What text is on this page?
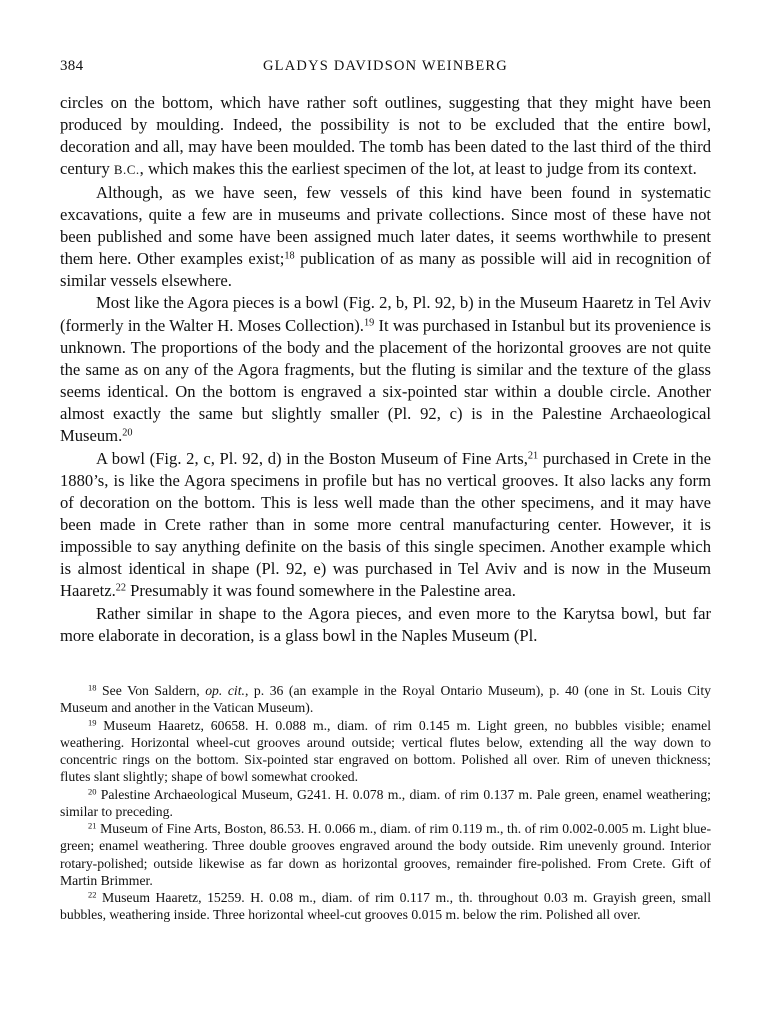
384	GLADYS DAVIDSON WEINBERG

circles on the bottom, which have rather soft outlines, suggesting that they might have been produced by moulding. Indeed, the possibility is not to be excluded that the entire bowl, decoration and all, may have been moulded. The tomb has been dated to the last third of the third century B.C., which makes this the earliest specimen of the lot, at least to judge from its context.

Although, as we have seen, few vessels of this kind have been found in systematic excavations, quite a few are in museums and private collections. Since most of these have not been published and some have been assigned much later dates, it seems worthwhile to present them here. Other examples exist;$^{18}$ publication of as many as possible will aid in recognition of similar vessels elsewhere.

Most like the Agora pieces is a bowl (Fig. 2, b, Pl. 92, b) in the Museum Haaretz in Tel Aviv (formerly in the Walter H. Moses Collection).$^{19}$ It was purchased in Istanbul but its provenience is unknown. The proportions of the body and the placement of the horizontal grooves are not quite the same as on any of the Agora fragments, but the fluting is similar and the texture of the glass seems identical. On the bottom is engraved a six-pointed star within a double circle. Another almost exactly the same but slightly smaller (Pl. 92, c) is in the Palestine Archaeological Museum.$^{20}$

A bowl (Fig. 2, c, Pl. 92, d) in the Boston Museum of Fine Arts,$^{21}$ purchased in Crete in the 1880’s, is like the Agora specimens in profile but has no vertical grooves. It also lacks any form of decoration on the bottom. This is less well made than the other specimens, and it may have been made in Crete rather than in some more central manufacturing center. However, it is impossible to say anything definite on the basis of this single specimen. Another example which is almost identical in shape (Pl. 92, e) was purchased in Tel Aviv and is now in the Museum Haaretz.$^{22}$ Presumably it was found somewhere in the Palestine area.

Rather similar in shape to the Agora pieces, and even more to the Karytsa bowl, but far more elaborate in decoration, is a glass bowl in the Naples Museum (Pl.

$^{18}$ See Von Saldern, op. cit., p. 36 (an example in the Royal Ontario Museum), p. 40 (one in St. Louis City Museum and another in the Vatican Museum).

$^{19}$ Museum Haaretz, 60658. H. 0.088 m., diam. of rim 0.145 m. Light green, no bubbles visible; enamel weathering. Horizontal wheel-cut grooves around outside; vertical flutes below, extending all the way down to concentric rings on the bottom. Six-pointed star engraved on bottom. Polished all over. Rim of uneven thickness; flutes slant slightly; shape of bowl somewhat crooked.

$^{20}$ Palestine Archaeological Museum, G241. H. 0.078 m., diam. of rim 0.137 m. Pale green, enamel weathering; similar to preceding.

$^{21}$ Museum of Fine Arts, Boston, 86.53. H. 0.066 m., diam. of rim 0.119 m., th. of rim 0.002-0.005 m. Light blue-green; enamel weathering. Three double grooves engraved around the body outside. Rim unevenly ground. Interior rotary-polished; outside likewise as far down as horizontal grooves, remainder fire-polished. From Crete. Gift of Martin Brimmer.

$^{22}$ Museum Haaretz, 15259. H. 0.08 m., diam. of rim 0.117 m., th. throughout 0.03 m. Grayish green, small bubbles, weathering inside. Three horizontal wheel-cut grooves 0.015 m. below the rim. Polished all over.
